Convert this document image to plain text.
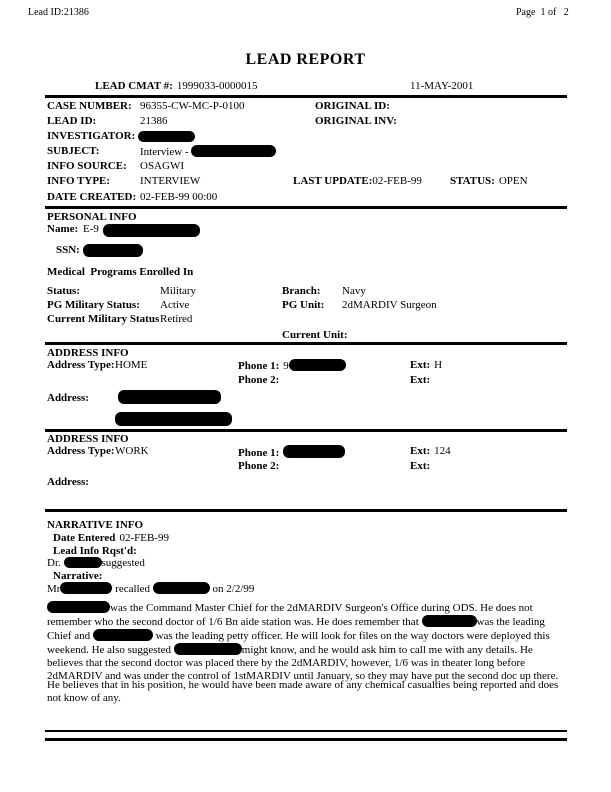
Lead ID:21386	Page  1 of   2
LEAD REPORT
LEAD CMAT #: 1999033-0000015	11-MAY-2001
CASE NUMBER: 96355-CW-MC-P-0100	ORIGINAL ID:
LEAD ID:	21386	ORIGINAL INV:
INVESTIGATOR:
SUBJECT:	Interview -
INFO SOURCE: OSAGWI
INFO TYPE:	INTERVIEW	LAST UPDATE:02-FEB-99	STATUS: OPEN
DATE CREATED: 02-FEB-99 00:00
PERSONAL INFO
Name: E-9
SSN:
Medical  Programs Enrolled In
Status:	Military	Branch: Navy
PG Military Status: Active	PG Unit: 2dMARDIV Surgeon
Current Military Status Retired
Current Unit:
ADDRESS INFO
Address Type: HOME	Phone 1: 9	Ext: H
Phone 2:	Ext:
Address:
ADDRESS INFO
Address Type: WORK	Phone 1:	Ext: 124
Phone 2:	Ext:
Address:
NARRATIVE INFO
Date Entered 02-FEB-99
Lead Info Rqst'd:
Dr.	suggested
Narrative:
Mr	recalled	on 2/2/99
was the Command Master Chief for the 2dMARDIV Surgeon's Office during ODS. He does not remember who the second doctor of 1/6 Bn aide station was. He does remember that	was the leading Chief and	was the leading petty officer. He will look for files on the way doctors were deployed this weekend. He also suggested	might know, and he would ask him to call me with any details. He believes that the second doctor was placed there by the 2dMARDIV, however, 1/6 was in theater long before 2dMARDIV and was under the control of 1stMARDIV until January, so they may have put the second doc up there.
He believes that in his position, he would have been made aware of any chemical casualties being reported and does not know of any.
